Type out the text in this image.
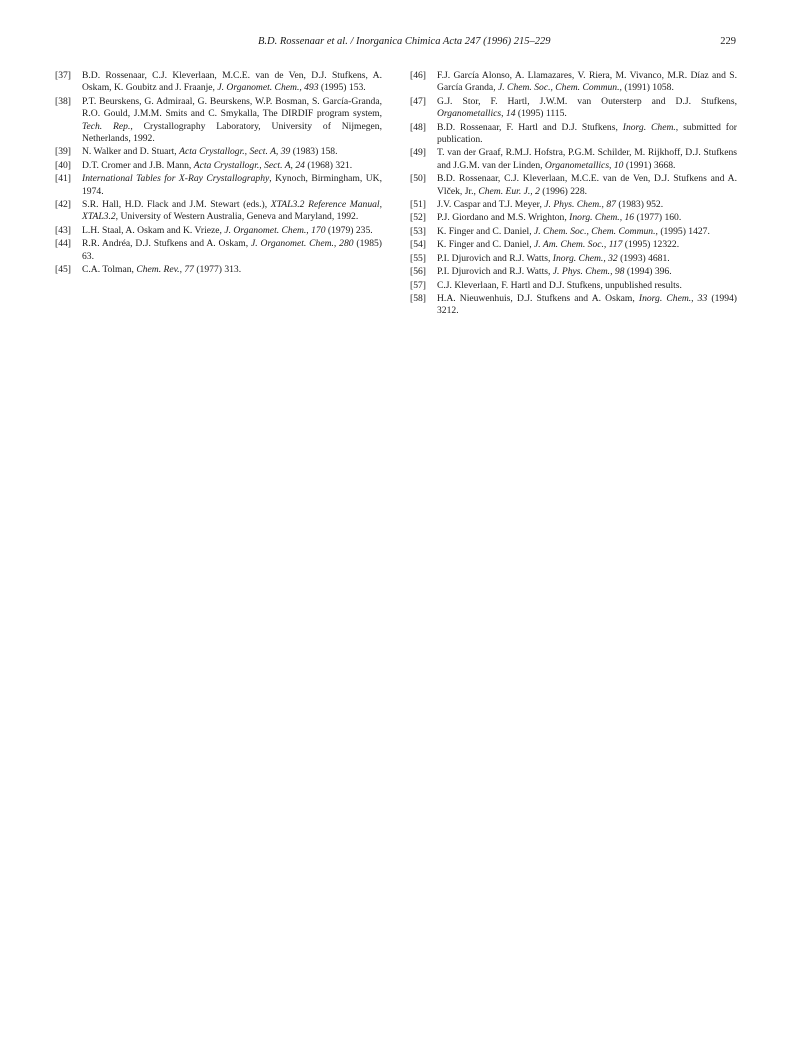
B.D. Rossenaar et al. / Inorganica Chimica Acta 247 (1996) 215–229	229
[37] B.D. Rossenaar, C.J. Kleverlaan, M.C.E. van de Ven, D.J. Stufkens, A. Oskam, K. Goubitz and J. Fraanje, J. Organomet. Chem., 493 (1995) 153.
[38] P.T. Beurskens, G. Admiraal, G. Beurskens, W.P. Bosman, S. García-Granda, R.O. Gould, J.M.M. Smits and C. Smykalla, The DIRDIF program system, Tech. Rep., Crystallography Laboratory, University of Nijmegen, Netherlands, 1992.
[39] N. Walker and D. Stuart, Acta Crystallogr., Sect. A, 39 (1983) 158.
[40] D.T. Cromer and J.B. Mann, Acta Crystallogr., Sect. A, 24 (1968) 321.
[41] International Tables for X-Ray Crystallography, Kynoch, Birmingham, UK, 1974.
[42] S.R. Hall, H.D. Flack and J.M. Stewart (eds.), XTAL3.2 Reference Manual, XTAL3.2, University of Western Australia, Geneva and Maryland, 1992.
[43] L.H. Staal, A. Oskam and K. Vrieze, J. Organomet. Chem., 170 (1979) 235.
[44] R.R. Andréa, D.J. Stufkens and A. Oskam, J. Organomet. Chem., 280 (1985) 63.
[45] C.A. Tolman, Chem. Rev., 77 (1977) 313.
[46] F.J. García Alonso, A. Llamazares, V. Riera, M. Vivanco, M.R. Díaz and S. García Granda, J. Chem. Soc., Chem. Commun., (1991) 1058.
[47] G.J. Stor, F. Hartl, J.W.M. van Outersterp and D.J. Stufkens, Organometallics, 14 (1995) 1115.
[48] B.D. Rossenaar, F. Hartl and D.J. Stufkens, Inorg. Chem., submitted for publication.
[49] T. van der Graaf, R.M.J. Hofstra, P.G.M. Schilder, M. Rijkhoff, D.J. Stufkens and J.G.M. van der Linden, Organometallics, 10 (1991) 3668.
[50] B.D. Rossenaar, C.J. Kleverlaan, M.C.E. van de Ven, D.J. Stufkens and A. Vlček, Jr., Chem. Eur. J., 2 (1996) 228.
[51] J.V. Caspar and T.J. Meyer, J. Phys. Chem., 87 (1983) 952.
[52] P.J. Giordano and M.S. Wrighton, Inorg. Chem., 16 (1977) 160.
[53] K. Finger and C. Daniel, J. Chem. Soc., Chem. Commun., (1995) 1427.
[54] K. Finger and C. Daniel, J. Am. Chem. Soc., 117 (1995) 12322.
[55] P.I. Djurovich and R.J. Watts, Inorg. Chem., 32 (1993) 4681.
[56] P.I. Djurovich and R.J. Watts, J. Phys. Chem., 98 (1994) 396.
[57] C.J. Kleverlaan, F. Hartl and D.J. Stufkens, unpublished results.
[58] H.A. Nieuwenhuis, D.J. Stufkens and A. Oskam, Inorg. Chem., 33 (1994) 3212.
